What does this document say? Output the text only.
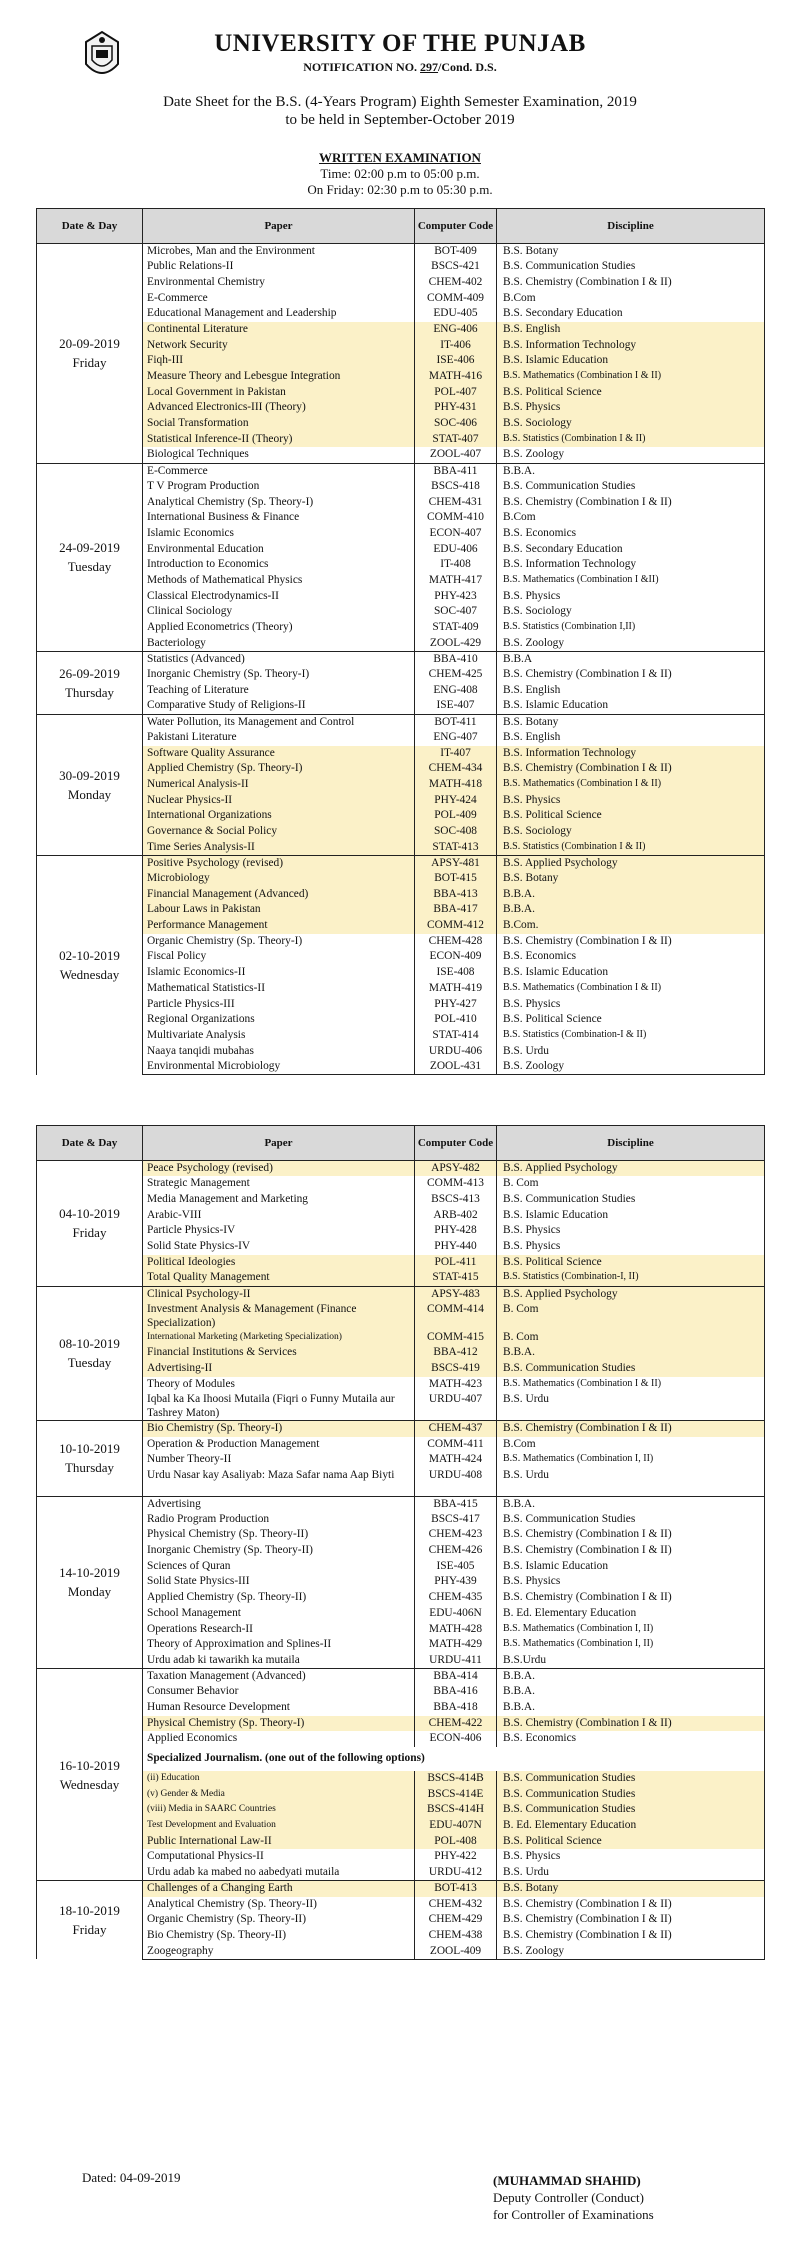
UNIVERSITY OF THE PUNJAB
NOTIFICATION NO. 297/Cond. D.S.
Date Sheet for the B.S. (4-Years Program) Eighth Semester Examination, 2019
to be held in September-October 2019
WRITTEN EXAMINATION
Time: 02:00 p.m to 05:00 p.m.
On Friday: 02:30 p.m to 05:30 p.m.
Date & Day	Paper	Computer Code	Discipline

20-09-2019
Friday	Microbes, Man and the Environment	BOT-409	B.S. Botany
	Public Relations-II	BSCS-421	B.S. Communication Studies
	Environmental Chemistry	CHEM-402	B.S. Chemistry (Combination I & II)
	E-Commerce	COMM-409	B.Com
	Educational Management and Leadership	EDU-405	B.S. Secondary Education
	Continental Literature	ENG-406	B.S. English
	Network Security	IT-406	B.S. Information Technology
	Fiqh-III	ISE-406	B.S. Islamic Education
	Measure Theory and Lebesgue Integration	MATH-416	B.S. Mathematics (Combination I & II)
	Local Government in Pakistan	POL-407	B.S. Political Science
	Advanced Electronics-III (Theory)	PHY-431	B.S. Physics
	Social Transformation	SOC-406	B.S. Sociology
	Statistical Inference-II (Theory)	STAT-407	B.S. Statistics (Combination I & II)
	Biological Techniques	ZOOL-407	B.S. Zoology

24-09-2019
Tuesday	E-Commerce	BBA-411	B.B.A.
	T V Program Production	BSCS-418	B.S. Communication Studies
	Analytical Chemistry (Sp. Theory-I)	CHEM-431	B.S. Chemistry (Combination I & II)
	International Business & Finance	COMM-410	B.Com
	Islamic Economics	ECON-407	B.S. Economics
	Environmental Education	EDU-406	B.S. Secondary Education
	Introduction to Economics	IT-408	B.S. Information Technology
	Methods of Mathematical Physics	MATH-417	B.S. Mathematics (Combination I &II)
	Classical Electrodynamics-II	PHY-423	B.S. Physics
	Clinical Sociology	SOC-407	B.S. Sociology
	Applied Econometrics (Theory)	STAT-409	B.S. Statistics (Combination I,II)
	Bacteriology	ZOOL-429	B.S. Zoology

26-09-2019
Thursday	Statistics (Advanced)	BBA-410	B.B.A
	Inorganic Chemistry (Sp. Theory-I)	CHEM-425	B.S. Chemistry (Combination I & II)
	Teaching of Literature	ENG-408	B.S. English
	Comparative Study of Religions-II	ISE-407	B.S. Islamic Education

30-09-2019
Monday	Water Pollution, its Management and Control	BOT-411	B.S. Botany
	Pakistani Literature	ENG-407	B.S. English
	Software Quality Assurance	IT-407	B.S. Information Technology
	Applied Chemistry (Sp. Theory-I)	CHEM-434	B.S. Chemistry (Combination I & II)
	Numerical Analysis-II	MATH-418	B.S. Mathematics (Combination I & II)
	Nuclear Physics-II	PHY-424	B.S. Physics
	International Organizations	POL-409	B.S. Political Science
	Governance & Social Policy	SOC-408	B.S. Sociology
	Time Series Analysis-II	STAT-413	B.S. Statistics (Combination I & II)

02-10-2019
Wednesday	Positive Psychology (revised)	APSY-481	B.S. Applied Psychology
	Microbiology	BOT-415	B.S. Botany
	Financial Management (Advanced)	BBA-413	B.B.A.
	Labour Laws in Pakistan	BBA-417	B.B.A.
	Performance Management	COMM-412	B.Com.
	Organic Chemistry (Sp. Theory-I)	CHEM-428	B.S. Chemistry (Combination I & II)
	Fiscal Policy	ECON-409	B.S. Economics
	Islamic Economics-II	ISE-408	B.S. Islamic Education
	Mathematical Statistics-II	MATH-419	B.S. Mathematics (Combination I & II)
	Particle Physics-III	PHY-427	B.S. Physics
	Regional Organizations	POL-410	B.S. Political Science
	Multivariate Analysis	STAT-414	B.S. Statistics (Combination-I & II)
	Naaya tanqidi mubahas	URDU-406	B.S. Urdu
	Environmental Microbiology	ZOOL-431	B.S. Zoology
Date & Day	Paper	Computer Code	Discipline

04-10-2019
Friday	Peace Psychology (revised)	APSY-482	B.S. Applied Psychology
	Strategic Management	COMM-413	B. Com
	Media Management and Marketing	BSCS-413	B.S. Communication Studies
	Arabic-VIII	ARB-402	B.S. Islamic Education
	Particle Physics-IV	PHY-428	B.S. Physics
	Solid State Physics-IV	PHY-440	B.S. Physics
	Political Ideologies	POL-411	B.S. Political Science
	Total Quality Management	STAT-415	B.S. Statistics (Combination-I, II)

08-10-2019
Tuesday	Clinical Psychology-II	APSY-483	B.S. Applied Psychology
	Investment Analysis & Management (Finance Specialization)	COMM-414	B. Com
	International Marketing (Marketing Specialization)	COMM-415	B. Com
	Financial Institutions & Services	BBA-412	B.B.A.
	Advertising-II	BSCS-419	B.S. Communication Studies
	Theory of Modules	MATH-423	B.S. Mathematics (Combination I & II)
	Iqbal ka Ka Ihoosi Mutaila (Fiqri o Funny Mutaila aur Tashrey Maton)	URDU-407	B.S. Urdu

10-10-2019
Thursday	Bio Chemistry (Sp. Theory-I)	CHEM-437	B.S. Chemistry (Combination I & II)
	Operation & Production Management	COMM-411	B.Com
	Number Theory-II	MATH-424	B.S. Mathematics (Combination I, II)
	Urdu Nasar kay Asaliyab: Maza Safar nama Aap Biyti	URDU-408	B.S. Urdu

14-10-2019
Monday	Advertising	BBA-415	B.B.A.
	Radio Program Production	BSCS-417	B.S. Communication Studies
	Physical Chemistry (Sp. Theory-II)	CHEM-423	B.S. Chemistry (Combination I & II)
	Inorganic Chemistry (Sp. Theory-II)	CHEM-426	B.S. Chemistry (Combination I & II)
	Sciences of Quran	ISE-405	B.S. Islamic Education
	Solid State Physics-III	PHY-439	B.S. Physics
	Applied Chemistry (Sp. Theory-II)	CHEM-435	B.S. Chemistry (Combination I & II)
	School Management	EDU-406N	B. Ed. Elementary Education
	Operations Research-II	MATH-428	B.S. Mathematics (Combination I, II)
	Theory of Approximation and Splines-II	MATH-429	B.S. Mathematics (Combination I, II)
	Urdu adab ki tawarikh ka mutaila	URDU-411	B.S.Urdu

16-10-2019
Wednesday	Taxation Management (Advanced)	BBA-414	B.B.A.
	Consumer Behavior	BBA-416	B.B.A.
	Human Resource Development	BBA-418	B.B.A.
	Physical Chemistry (Sp. Theory-I)	CHEM-422	B.S. Chemistry (Combination I & II)
	Applied Economics	ECON-406	B.S. Economics
	Specialized Journalism. (one out of the following options)		
	(ii) Education	BSCS-414B	B.S. Communication Studies
	(v) Gender & Media	BSCS-414E	B.S. Communication Studies
	(viii) Media in SAARC Countries	BSCS-414H	B.S. Communication Studies
	Test Development and Evaluation	EDU-407N	B. Ed. Elementary Education
	Public International Law-II	POL-408	B.S. Political Science
	Computational Physics-II	PHY-422	B.S. Physics
	Urdu adab ka mabed no aabedyati mutaila	URDU-412	B.S. Urdu

18-10-2019
Friday	Challenges of a Changing Earth	BOT-413	B.S. Botany
	Analytical Chemistry (Sp. Theory-II)	CHEM-432	B.S. Chemistry (Combination I & II)
	Organic Chemistry (Sp. Theory-II)	CHEM-429	B.S. Chemistry (Combination I & II)
	Bio Chemistry (Sp. Theory-II)	CHEM-438	B.S. Chemistry (Combination I & II)
	Zoogeography	ZOOL-409	B.S. Zoology
Dated: 04-09-2019	(MUHAMMAD SHAHID)
Deputy Controller (Conduct)
for Controller of Examinations
